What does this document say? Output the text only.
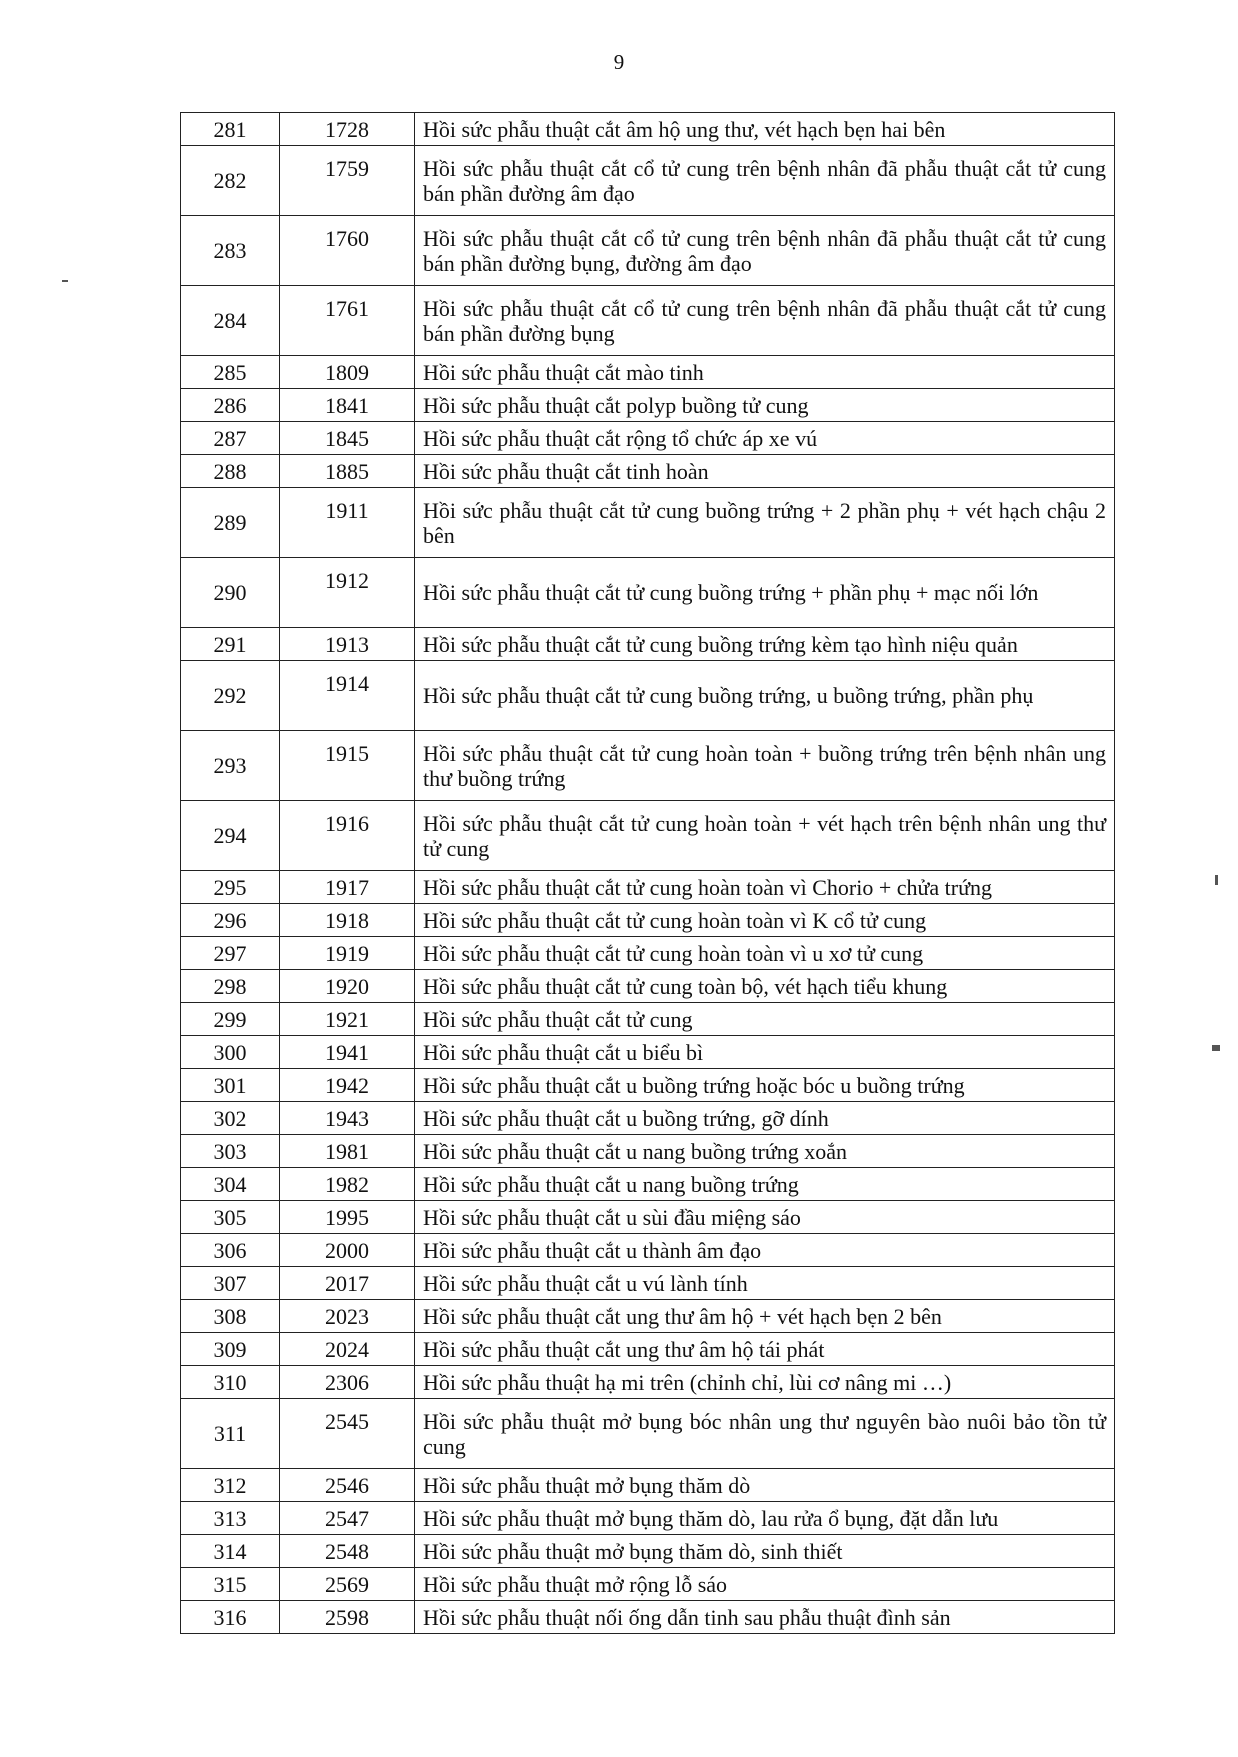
9
281	1728	Hồi sức phẫu thuật cắt âm hộ ung thư, vét hạch bẹn hai bên
282	1759	Hồi sức phẫu thuật cắt cổ tử cung trên bệnh nhân đã phẫu thuật cắt tử cung bán phần đường âm đạo
283	1760	Hồi sức phẫu thuật cắt cổ tử cung trên bệnh nhân đã phẫu thuật cắt tử cung bán phần đường bụng, đường âm đạo
284	1761	Hồi sức phẫu thuật cắt cổ tử cung trên bệnh nhân đã phẫu thuật cắt tử cung bán phần đường bụng
285	1809	Hồi sức phẫu thuật cắt mào tinh
286	1841	Hồi sức phẫu thuật cắt polyp buồng tử cung
287	1845	Hồi sức phẫu thuật cắt rộng tổ chức áp xe vú
288	1885	Hồi sức phẫu thuật cắt tinh hoàn
289	1911	Hồi sức phẫu thuật cắt tử cung buồng trứng + 2 phần phụ + vét hạch chậu 2 bên
290	1912	Hồi sức phẫu thuật cắt tử cung buồng trứng + phần phụ + mạc nối lớn
291	1913	Hồi sức phẫu thuật cắt tử cung buồng trứng kèm tạo hình niệu quản
292	1914	Hồi sức phẫu thuật cắt tử cung buồng trứng, u buồng trứng, phần phụ
293	1915	Hồi sức phẫu thuật cắt tử cung hoàn toàn + buồng trứng trên bệnh nhân ung thư buồng trứng
294	1916	Hồi sức phẫu thuật cắt tử cung hoàn toàn + vét hạch trên bệnh nhân ung thư tử cung
295	1917	Hồi sức phẫu thuật cắt tử cung hoàn toàn vì Chorio + chửa trứng
296	1918	Hồi sức phẫu thuật cắt tử cung hoàn toàn vì K cổ tử cung
297	1919	Hồi sức phẫu thuật cắt tử cung hoàn toàn vì u xơ tử cung
298	1920	Hồi sức phẫu thuật cắt tử cung toàn bộ, vét hạch tiểu khung
299	1921	Hồi sức phẫu thuật cắt tử cung
300	1941	Hồi sức phẫu thuật cắt u biểu bì
301	1942	Hồi sức phẫu thuật cắt u buồng trứng hoặc bóc u buồng trứng
302	1943	Hồi sức phẫu thuật cắt u buồng trứng, gỡ dính
303	1981	Hồi sức phẫu thuật cắt u nang buồng trứng xoắn
304	1982	Hồi sức phẫu thuật cắt u nang buồng trứng
305	1995	Hồi sức phẫu thuật cắt u sùi đầu miệng sáo
306	2000	Hồi sức phẫu thuật cắt u thành âm đạo
307	2017	Hồi sức phẫu thuật cắt u vú lành tính
308	2023	Hồi sức phẫu thuật cắt ung thư âm hộ + vét hạch bẹn 2 bên
309	2024	Hồi sức phẫu thuật cắt ung thư âm hộ tái phát
310	2306	Hồi sức phẫu thuật hạ mi trên (chỉnh chỉ, lùi cơ nâng mi …)
311	2545	Hồi sức phẫu thuật mở bụng bóc nhân ung thư nguyên bào nuôi bảo tồn tử cung
312	2546	Hồi sức phẫu thuật mở bụng thăm dò
313	2547	Hồi sức phẫu thuật mở bụng thăm dò, lau rửa ổ bụng, đặt dẫn lưu
314	2548	Hồi sức phẫu thuật mở bụng thăm dò, sinh thiết
315	2569	Hồi sức phẫu thuật mở rộng lỗ sáo
316	2598	Hồi sức phẫu thuật nối ống dẫn tinh sau phẫu thuật đình sản
